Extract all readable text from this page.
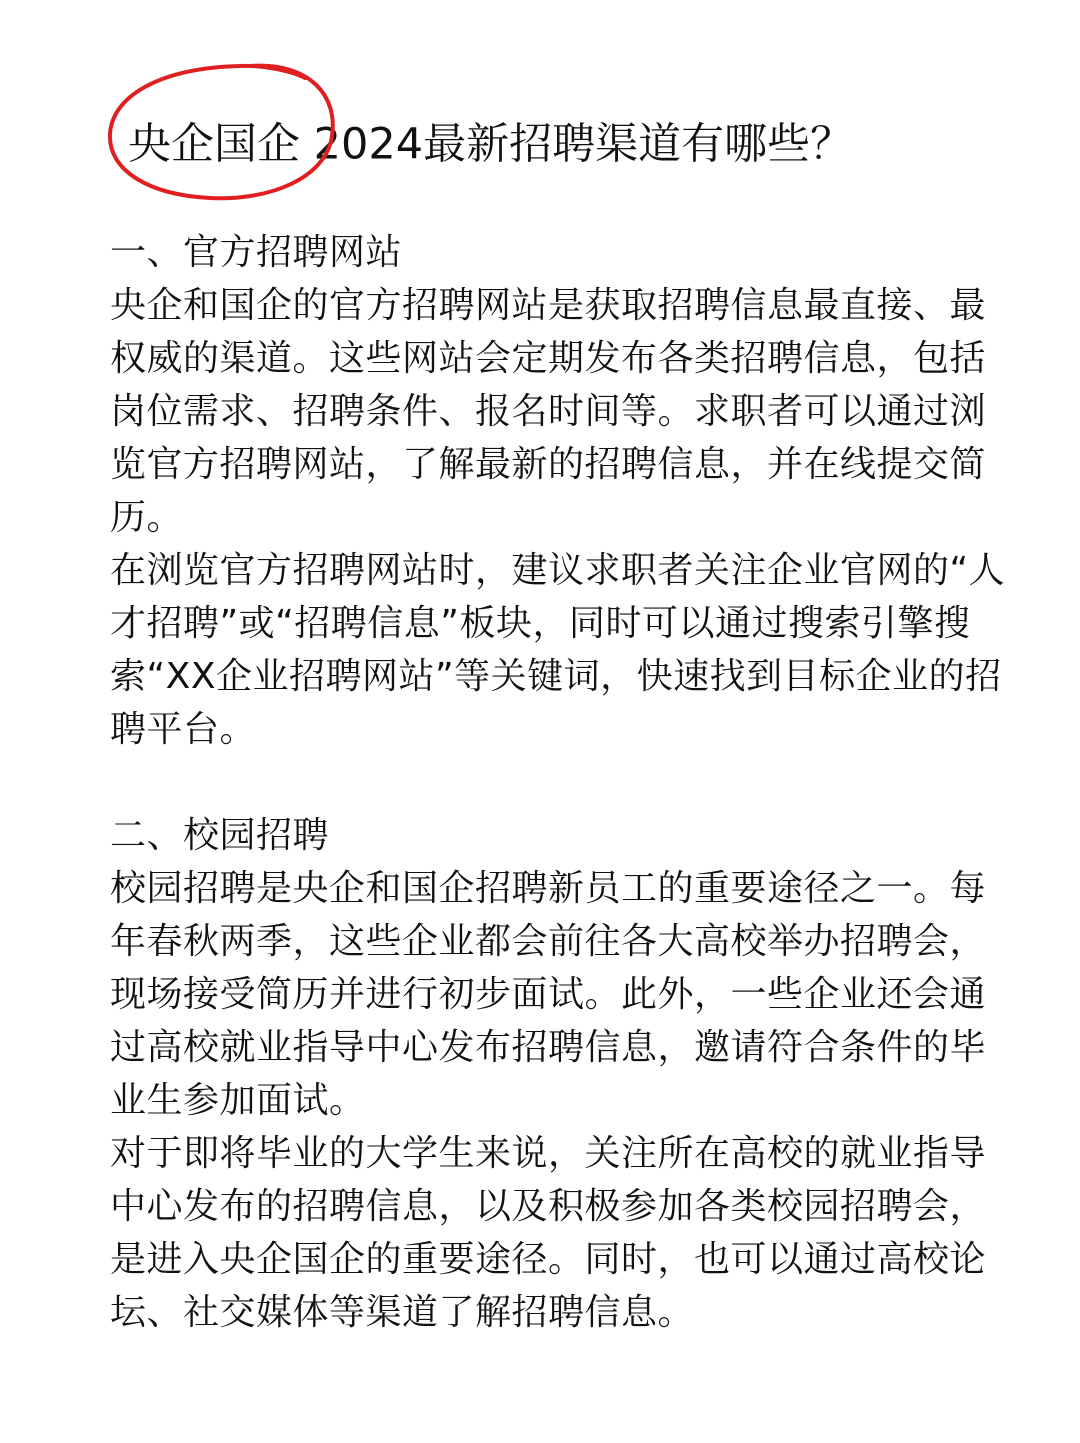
央企国企 2024最新招聘渠道有哪些？

一、官方招聘网站

央企和国企的官方招聘网站是获取招聘信息最直接、最权威的渠道。这些网站会定期发布各类招聘信息，包括岗位需求、招聘条件、报名时间等。求职者可以通过浏览官方招聘网站，了解最新的招聘信息，并在线提交简历。

在浏览官方招聘网站时，建议求职者关注企业官网的“人才招聘”或“招聘信息”板块，同时可以通过搜索引擎搜索“XX企业招聘网站”等关键词，快速找到目标企业的招聘平台。

二、校园招聘

校园招聘是央企和国企招聘新员工的重要途径之一。每年春秋两季，这些企业都会前往各大高校举办招聘会，现场接受简历并进行初步面试。此外，一些企业还会通过高校就业指导中心发布招聘信息，邀请符合条件的毕业生参加面试。

对于即将毕业的大学生来说，关注所在高校的就业指导中心发布的招聘信息，以及积极参加各类校园招聘会，是进入央企国企的重要途径。同时，也可以通过高校论坛、社交媒体等渠道了解招聘信息。
